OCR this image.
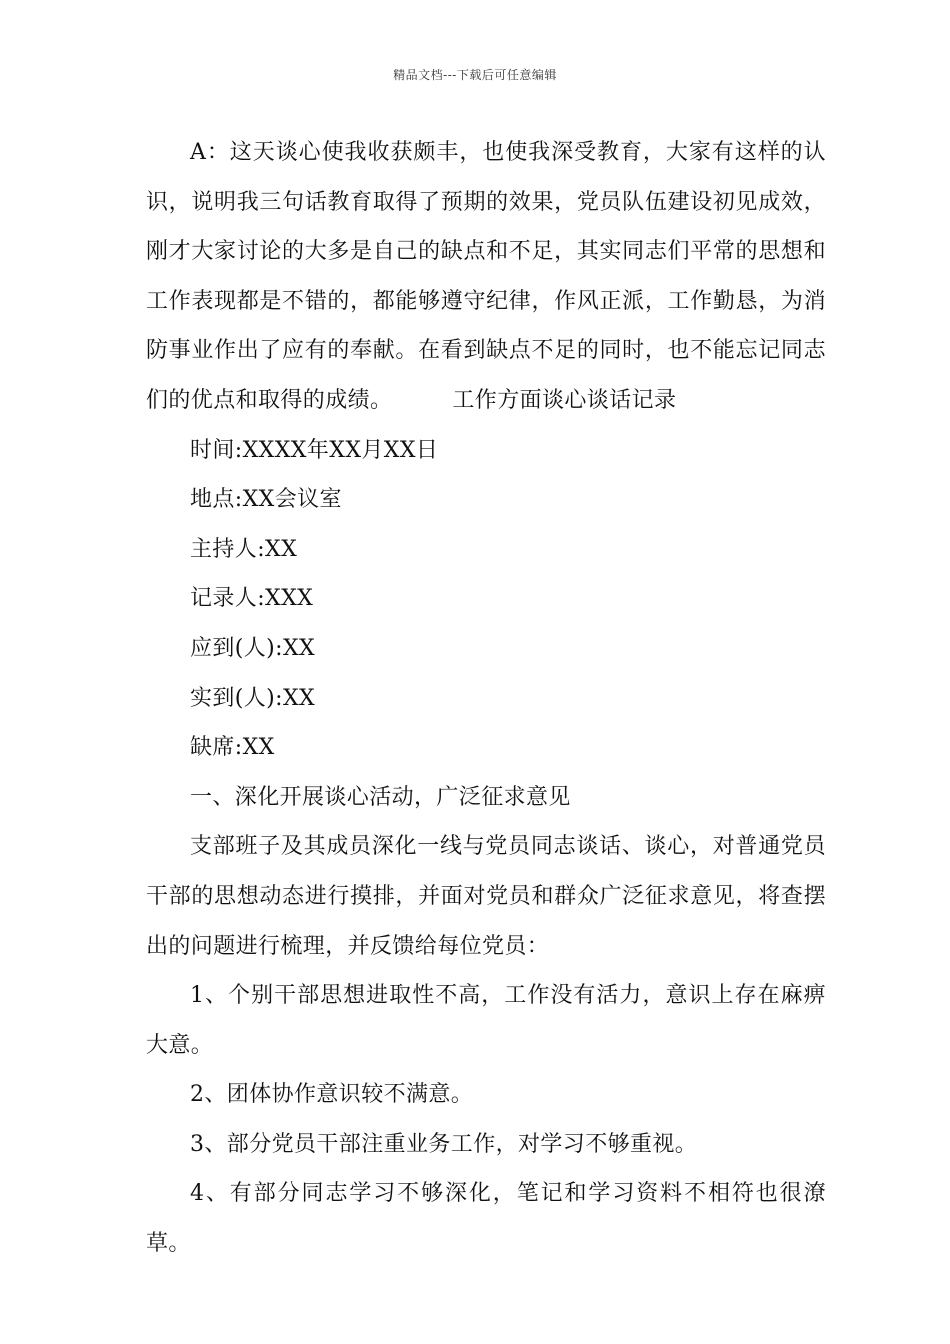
精品文档---下载后可任意编辑

A：这天谈心使我收获颇丰，也使我深受教育，大家有这样的认识，说明我三句话教育取得了预期的效果，党员队伍建设初见成效，刚才大家讨论的大多是自己的缺点和不足，其实同志们平常的思想和工作表现都是不错的，都能够遵守纪律，作风正派，工作勤恳，为消防事业作出了应有的奉献。在看到缺点不足的同时，也不能忘记同志们的优点和取得的成绩。	工作方面谈心谈话记录

时间:XXXX年XX月XX日

地点:XX会议室

主持人:XX

记录人:XXX

应到(人):XX

实到(人):XX

缺席:XX

一、深化开展谈心活动，广泛征求意见

支部班子及其成员深化一线与党员同志谈话、谈心，对普通党员干部的思想动态进行摸排，并面对党员和群众广泛征求意见，将查摆出的问题进行梳理，并反馈给每位党员：

1、个别干部思想进取性不高，工作没有活力，意识上存在麻痹大意。

2、团体协作意识较不满意。

3、部分党员干部注重业务工作，对学习不够重视。

4、有部分同志学习不够深化，笔记和学习资料不相符也很潦草。
